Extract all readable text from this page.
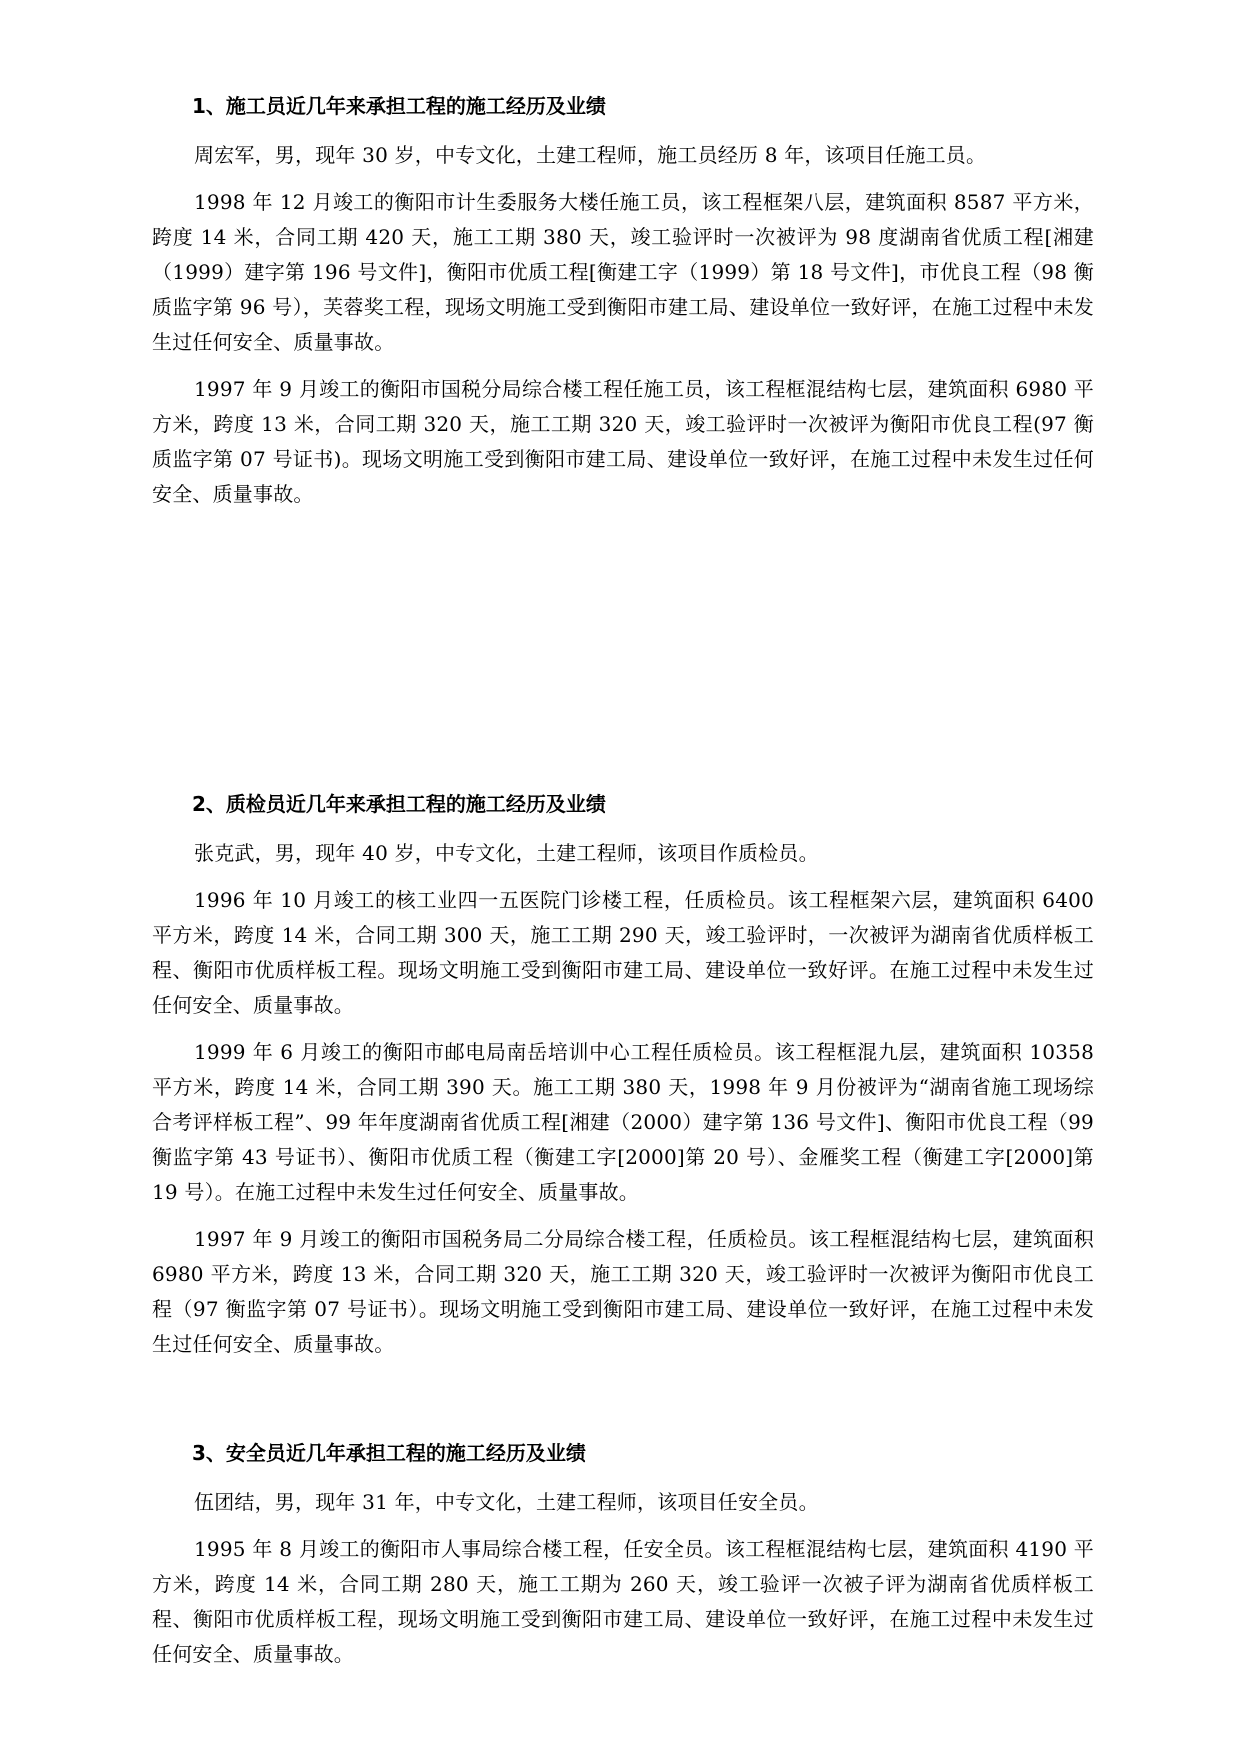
1、施工员近几年来承担工程的施工经历及业绩

周宏军，男，现年 30 岁，中专文化，土建工程师，施工员经历 8 年，该项目任施工员。

1998 年 12 月竣工的衡阳市计生委服务大楼任施工员，该工程框架八层，建筑面积 8587 平方米，跨度 14 米，合同工期 420 天，施工工期 380 天，竣工验评时一次被评为 98 度湖南省优质工程[湘建（1999）建字第 196 号文件]，衡阳市优质工程[衡建工字（1999）第 18 号文件]，市优良工程（98 衡质监字第 96 号），芙蓉奖工程，现场文明施工受到衡阳市建工局、建设单位一致好评，在施工过程中未发生过任何安全、质量事故。

1997 年 9 月竣工的衡阳市国税分局综合楼工程任施工员，该工程框混结构七层，建筑面积 6980 平方米，跨度 13 米，合同工期 320 天，施工工期 320 天，竣工验评时一次被评为衡阳市优良工程(97 衡质监字第 07 号证书)。现场文明施工受到衡阳市建工局、建设单位一致好评，在施工过程中未发生过任何安全、质量事故。

2、质检员近几年来承担工程的施工经历及业绩

张克武，男，现年 40 岁，中专文化，土建工程师，该项目作质检员。

1996 年 10 月竣工的核工业四一五医院门诊楼工程，任质检员。该工程框架六层，建筑面积 6400 平方米，跨度 14 米，合同工期 300 天，施工工期 290 天，竣工验评时，一次被评为湖南省优质样板工程、衡阳市优质样板工程。现场文明施工受到衡阳市建工局、建设单位一致好评。在施工过程中未发生过任何安全、质量事故。

1999 年 6 月竣工的衡阳市邮电局南岳培训中心工程任质检员。该工程框混九层，建筑面积 10358 平方米，跨度 14 米，合同工期 390 天。施工工期 380 天，1998 年 9 月份被评为“湖南省施工现场综合考评样板工程”、99 年年度湖南省优质工程[湘建（2000）建字第 136 号文件]、衡阳市优良工程（99 衡监字第 43 号证书）、衡阳市优质工程（衡建工字[2000]第 20 号）、金雁奖工程（衡建工字[2000]第 19 号）。在施工过程中未发生过任何安全、质量事故。

1997 年 9 月竣工的衡阳市国税务局二分局综合楼工程，任质检员。该工程框混结构七层，建筑面积 6980 平方米，跨度 13 米，合同工期 320 天，施工工期 320 天，竣工验评时一次被评为衡阳市优良工程（97 衡监字第 07 号证书）。现场文明施工受到衡阳市建工局、建设单位一致好评，在施工过程中未发生过任何安全、质量事故。

3、安全员近几年承担工程的施工经历及业绩

伍团结，男，现年 31 年，中专文化，土建工程师，该项目任安全员。

1995 年 8 月竣工的衡阳市人事局综合楼工程，任安全员。该工程框混结构七层，建筑面积 4190 平方米，跨度 14 米，合同工期 280 天，施工工期为 260 天，竣工验评一次被子评为湖南省优质样板工程、衡阳市优质样板工程，现场文明施工受到衡阳市建工局、建设单位一致好评，在施工过程中未发生过任何安全、质量事故。
